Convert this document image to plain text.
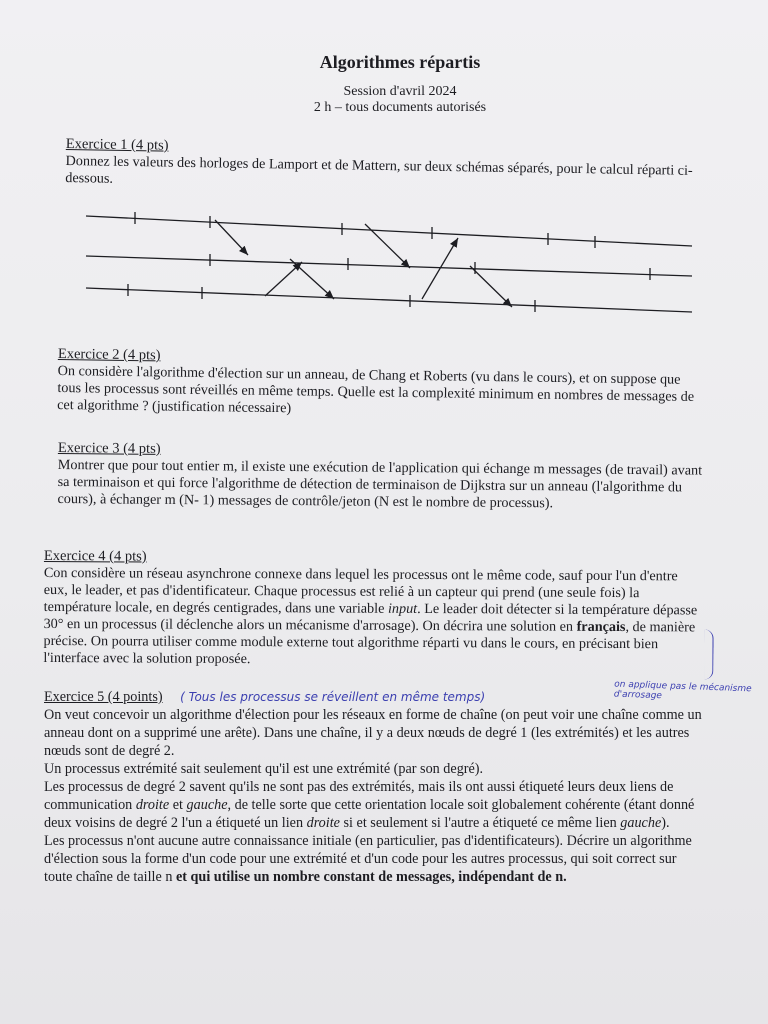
Algorithmes répartis
Session d'avril 2024
2 h – tous documents autorisés
Exercice 1 (4 pts)
Donnez les valeurs des horloges de Lamport et de Mattern, sur deux schémas séparés, pour le calcul réparti ci-dessous.
Exercice 2 (4 pts)
On considère l'algorithme d'élection sur un anneau, de Chang et Roberts (vu dans le cours), et on suppose que tous les processus sont réveillés en même temps. Quelle est la complexité minimum en nombres de messages de cet algorithme ? (justification nécessaire)
Exercice 3 (4 pts)
Montrer que pour tout entier m, il existe une exécution de l'application qui échange m messages (de travail) avant sa terminaison et qui force l'algorithme de détection de terminaison de Dijkstra sur un anneau (l'algorithme du cours), à échanger m (N- 1) messages de contrôle/jeton (N est le nombre de processus).
Exercice 4 (4 pts)
Con considère un réseau asynchrone connexe dans lequel les processus ont le même code, sauf pour l'un d'entre eux, le leader, et pas d'identificateur. Chaque processus est relié à un capteur qui prend (une seule fois) la température locale, en degrés centigrades, dans une variable input. Le leader doit détecter si la température dépasse 30° en un processus (il déclenche alors un mécanisme d'arrosage). On décrira une solution en français, de manière précise. On pourra utiliser comme module externe tout algorithme réparti vu dans le cours, en précisant bien l'interface avec la solution proposée.
Exercice 5 (4 points) ( Tous les processus se réveillent en même temps)
on applique pas le mécanisme d'arrosage
On veut concevoir un algorithme d'élection pour les réseaux en forme de chaîne (on peut voir une chaîne comme un anneau dont on a supprimé une arête). Dans une chaîne, il y a deux nœuds de degré 1 (les extrémités) et les autres nœuds sont de degré 2.
Un processus extrémité sait seulement qu'il est une extrémité (par son degré).
Les processus de degré 2 savent qu'ils ne sont pas des extrémités, mais ils ont aussi étiqueté leurs deux liens de communication droite et gauche, de telle sorte que cette orientation locale soit globalement cohérente (étant donné deux voisins de degré 2 l'un a étiqueté un lien droite si et seulement si l'autre a étiqueté ce même lien gauche).
Les processus n'ont aucune autre connaissance initiale (en particulier, pas d'identificateurs). Décrire un algorithme d'élection sous la forme d'un code pour une extrémité et d'un code pour les autres processus, qui soit correct sur toute chaîne de taille n et qui utilise un nombre constant de messages, indépendant de n.
